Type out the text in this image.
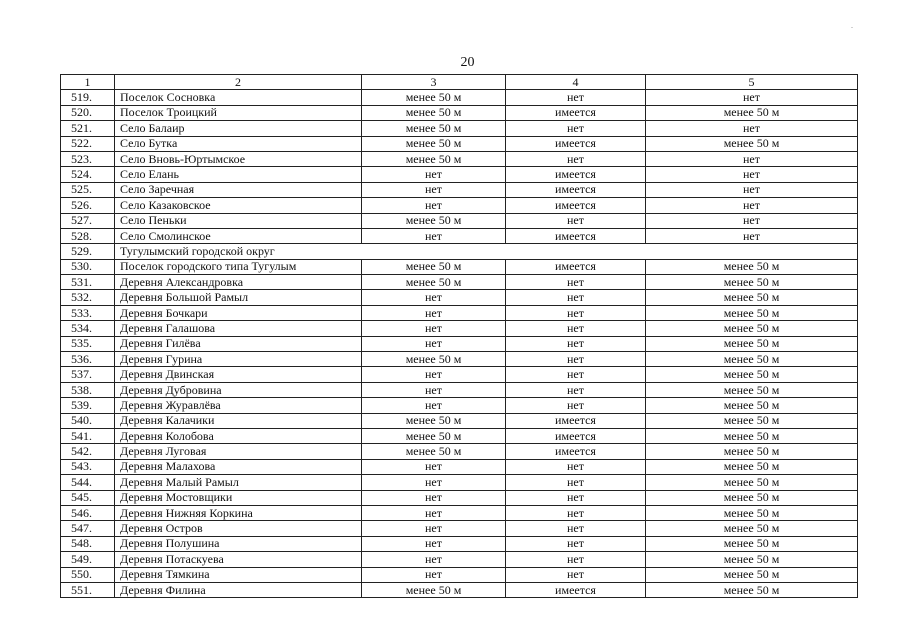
.
20
1	2	3	4	5
519.	Поселок Сосновка	менее 50 м	нет	нет
520.	Поселок Троицкий	менее 50 м	имеется	менее 50 м
521.	Село Балаир	менее 50 м	нет	нет
522.	Село Бутка	менее 50 м	имеется	менее 50 м
523.	Село Вновь-Юртымское	менее 50 м	нет	нет
524.	Село Елань	нет	имеется	нет
525.	Село Заречная	нет	имеется	нет
526.	Село Казаковское	нет	имеется	нет
527.	Село Пеньки	менее 50 м	нет	нет
528.	Село Смолинское	нет	имеется	нет
529.	Тугулымский городской округ			
530.	Поселок городского типа Тугулым	менее 50 м	имеется	менее 50 м
531.	Деревня Александровка	менее 50 м	нет	менее 50 м
532.	Деревня Большой Рамыл	нет	нет	менее 50 м
533.	Деревня Бочкари	нет	нет	менее 50 м
534.	Деревня Галашова	нет	нет	менее 50 м
535.	Деревня Гилёва	нет	нет	менее 50 м
536.	Деревня Гурина	менее 50 м	нет	менее 50 м
537.	Деревня Двинская	нет	нет	менее 50 м
538.	Деревня Дубровина	нет	нет	менее 50 м
539.	Деревня Журавлёва	нет	нет	менее 50 м
540.	Деревня Калачики	менее 50 м	имеется	менее 50 м
541.	Деревня Колобова	менее 50 м	имеется	менее 50 м
542.	Деревня Луговая	менее 50 м	имеется	менее 50 м
543.	Деревня Малахова	нет	нет	менее 50 м
544.	Деревня Малый Рамыл	нет	нет	менее 50 м
545.	Деревня Мостовщики	нет	нет	менее 50 м
546.	Деревня Нижняя Коркина	нет	нет	менее 50 м
547.	Деревня Остров	нет	нет	менее 50 м
548.	Деревня Полушина	нет	нет	менее 50 м
549.	Деревня Потаскуева	нет	нет	менее 50 м
550.	Деревня Тямкина	нет	нет	менее 50 м
551.	Деревня Филина	менее 50 м	имеется	менее 50 м
